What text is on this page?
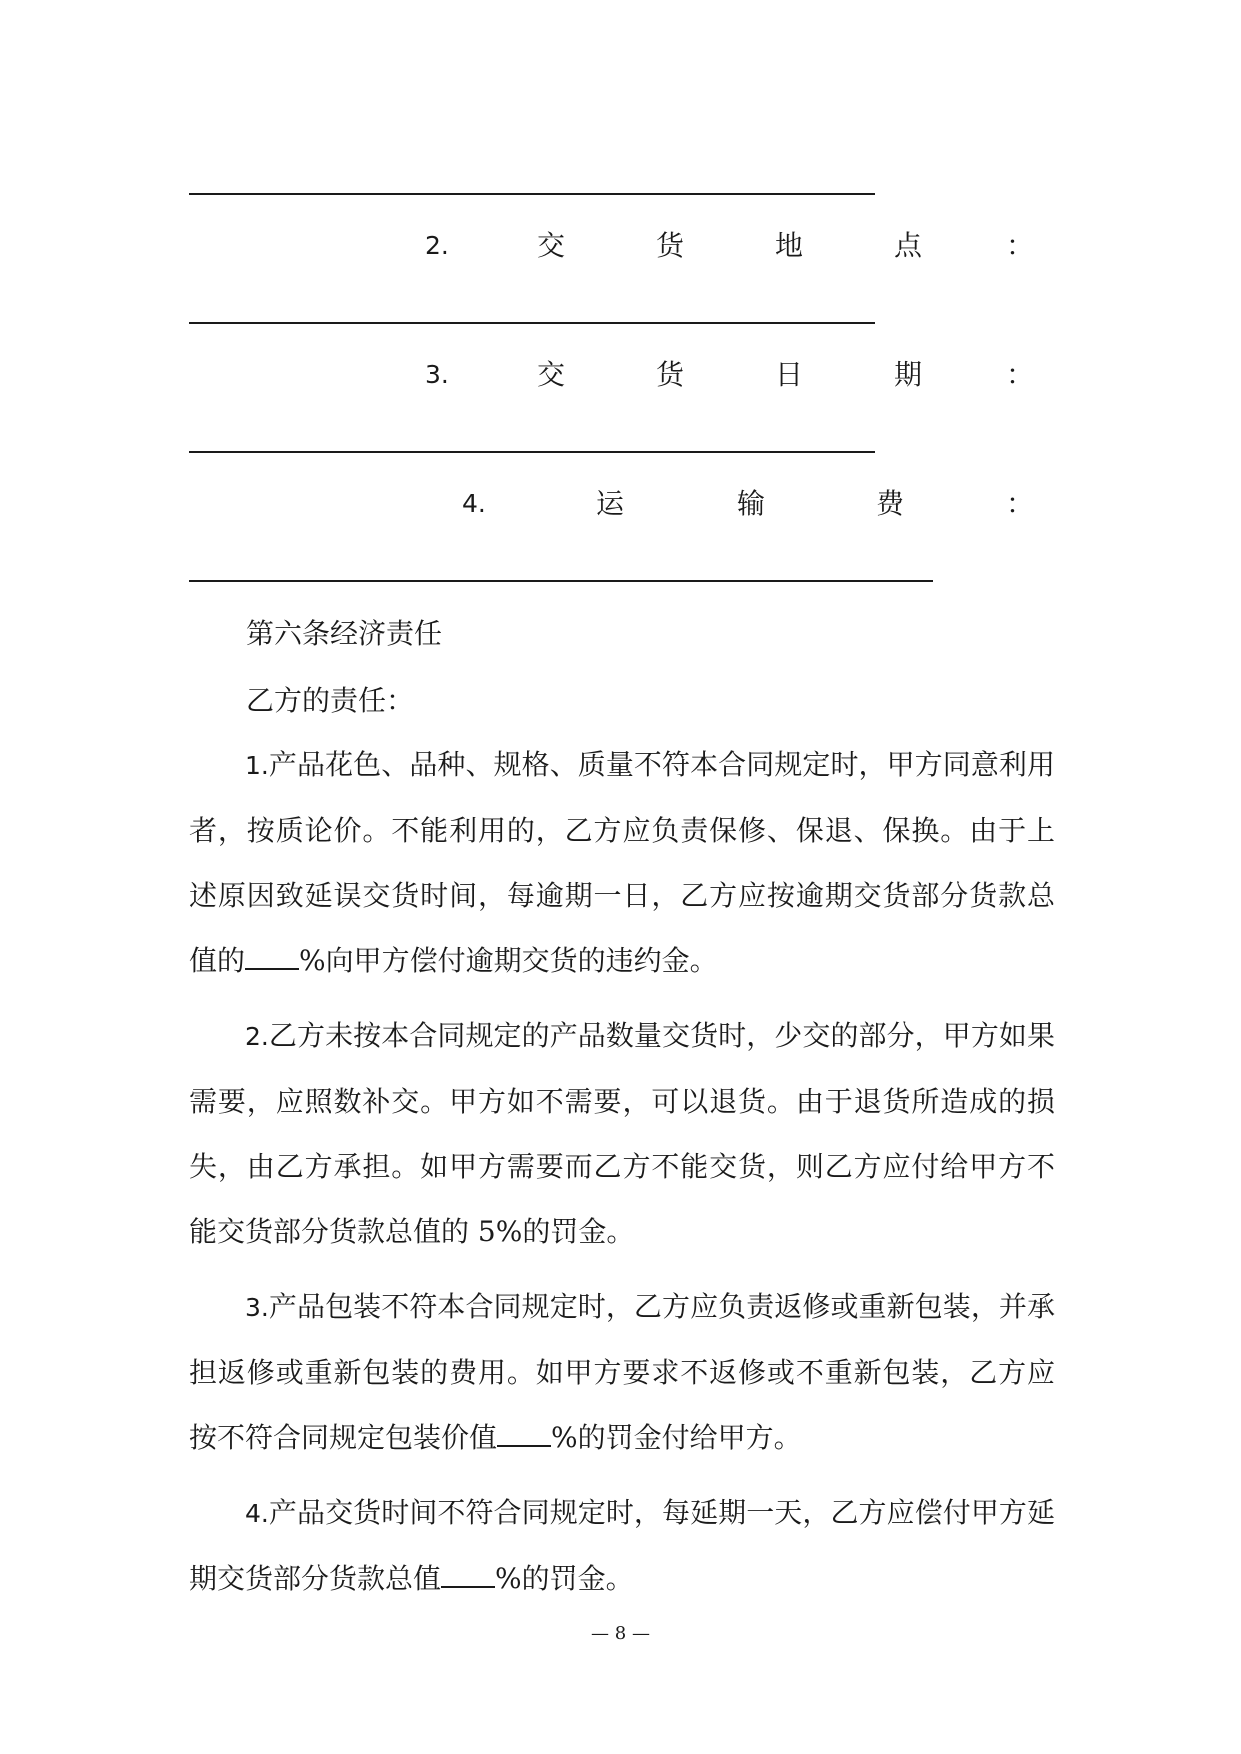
2.	交	货	地	点	：
3.	交	货	日	期	：
4.	运	输	费	：

第六条经济责任

乙方的责任：

1.产品花色、品种、规格、质量不符本合同规定时，甲方同意利用者，按质论价。不能利用的，乙方应负责保修、保退、保换。由于上述原因致延误交货时间，每逾期一日，乙方应按逾期交货部分货款总值的 %向甲方偿付逾期交货的违约金。

2.乙方未按本合同规定的产品数量交货时，少交的部分，甲方如果需要，应照数补交。甲方如不需要，可以退货。由于退货所造成的损失，由乙方承担。如甲方需要而乙方不能交货，则乙方应付给甲方不能交货部分货款总值的 5%的罚金。

3.产品包装不符本合同规定时，乙方应负责返修或重新包装，并承担返修或重新包装的费用。如甲方要求不返修或不重新包装，乙方应按不符合同规定包装价值 %的罚金付给甲方。

4.产品交货时间不符合同规定时，每延期一天，乙方应偿付甲方延期交货部分货款总值 %的罚金。

— 8 —
